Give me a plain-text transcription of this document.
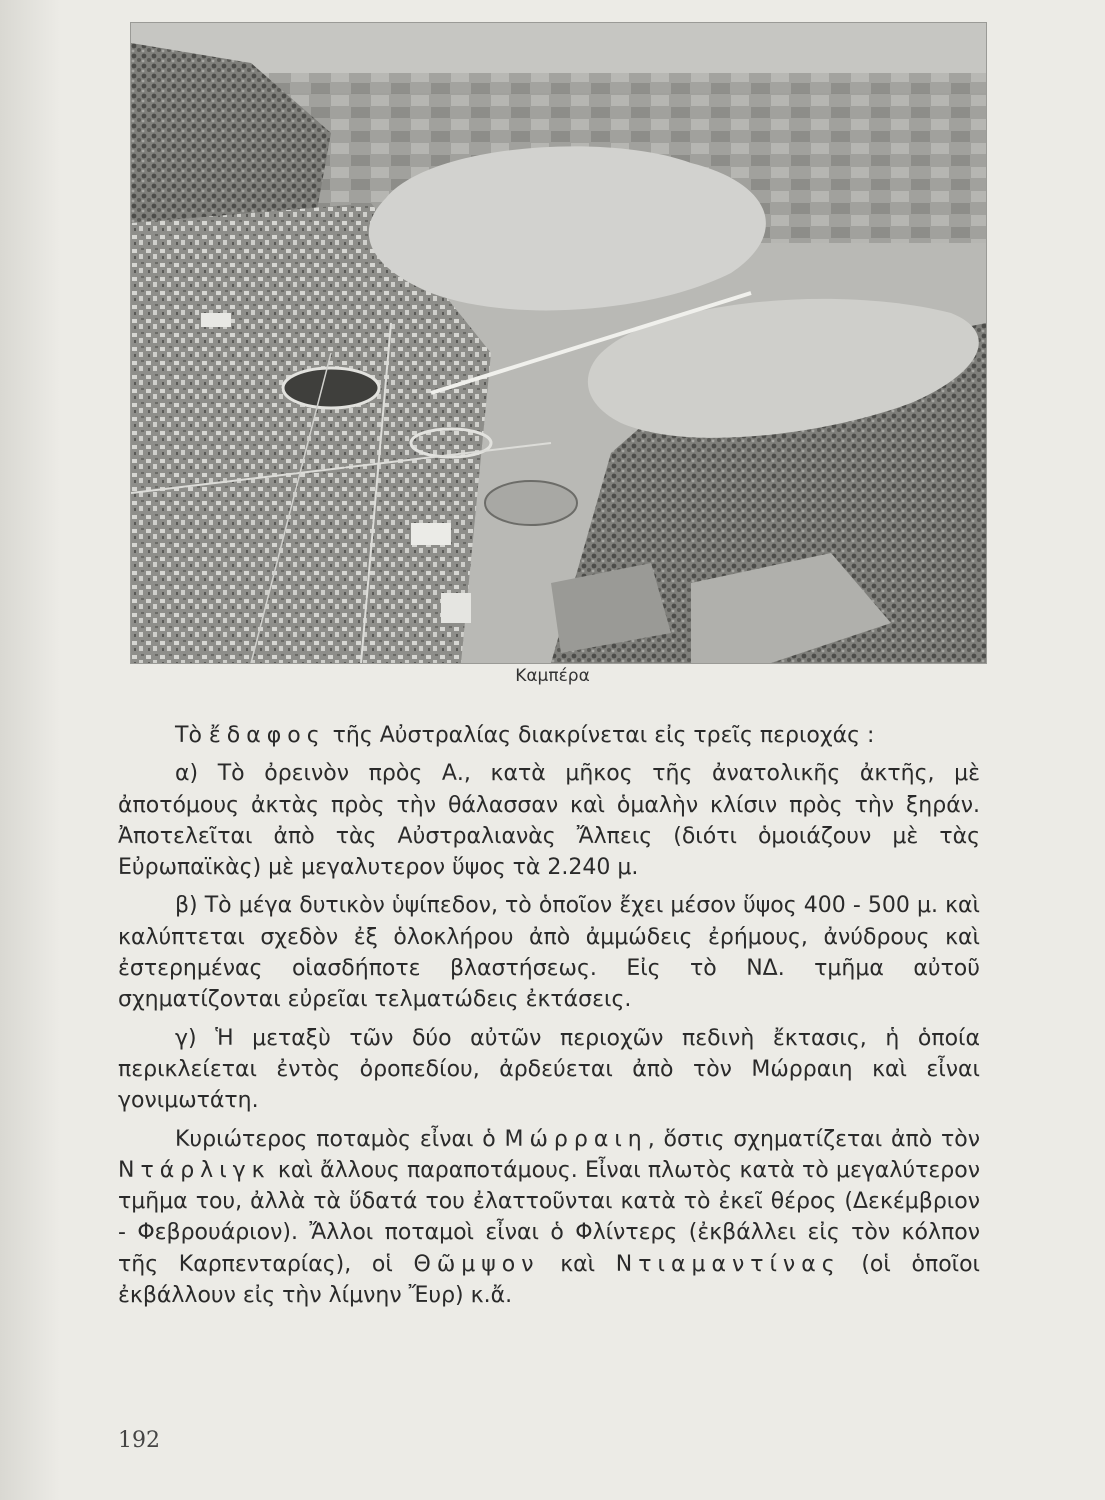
Καμπέρα

Τὸ ἔδαφος τῆς Αὐστραλίας διακρίνεται εἰς τρεῖς περιοχάς :

α) Τὸ ὀρεινὸν πρὸς Α., κατὰ μῆκος τῆς ἀνατολικῆς ἀκτῆς, μὲ ἀποτόμους ἀκτὰς πρὸς τὴν θάλασσαν καὶ ὁμαλὴν κλίσιν πρὸς τὴν ξηράν. Ἀποτελεῖται ἀπὸ τὰς Αὐστραλιανὰς Ἄλπεις (διότι ὁμοιάζουν μὲ τὰς Εὐρωπαϊκὰς) μὲ μεγαλυτερον ὕψος τὰ 2.240 μ.

β) Τὸ μέγα δυτικὸν ὑψίπεδον, τὸ ὁποῖον ἔχει μέσον ὕψος 400 - 500 μ. καὶ καλύπτεται σχεδὸν ἐξ ὁλοκλήρου ἀπὸ ἀμμώδεις ἐρήμους, ἀνύδρους καὶ ἐστερημένας οἱασδήποτε βλαστήσεως. Εἰς τὸ ΝΔ. τμῆμα αὐτοῦ σχηματίζονται εὐρεῖαι τελματώδεις ἐκτάσεις.

γ) Ἡ μεταξὺ τῶν δύο αὐτῶν περιοχῶν πεδινὴ ἔκτασις, ἡ ὁποία περικλείεται ἐντὸς ὀροπεδίου, ἀρδεύεται ἀπὸ τὸν Μώρραιη καὶ εἶναι γονιμωτάτη.

Κυριώτερος ποταμὸς εἶναι ὁ Μώρραιη, ὅστις σχηματίζεται ἀπὸ τὸν Ντάρλιγκ καὶ ἄλλους παραποτάμους. Εἶναι πλωτὸς κατὰ τὸ μεγαλύτερον τμῆμα του, ἀλλὰ τὰ ὕδατά του ἐλαττοῦνται κατὰ τὸ ἐκεῖ θέρος (Δεκέμβριον - Φεβρουάριον). Ἄλλοι ποταμοὶ εἶναι ὁ Φλίντερς (ἐκβάλλει εἰς τὸν κόλπον τῆς Καρπενταρίας), οἱ Θῶμψον καὶ Ντιαμαντίνας (οἱ ὁποῖοι ἐκβάλλουν εἰς τὴν λίμνην Ἔυρ) κ.ἄ.

192
